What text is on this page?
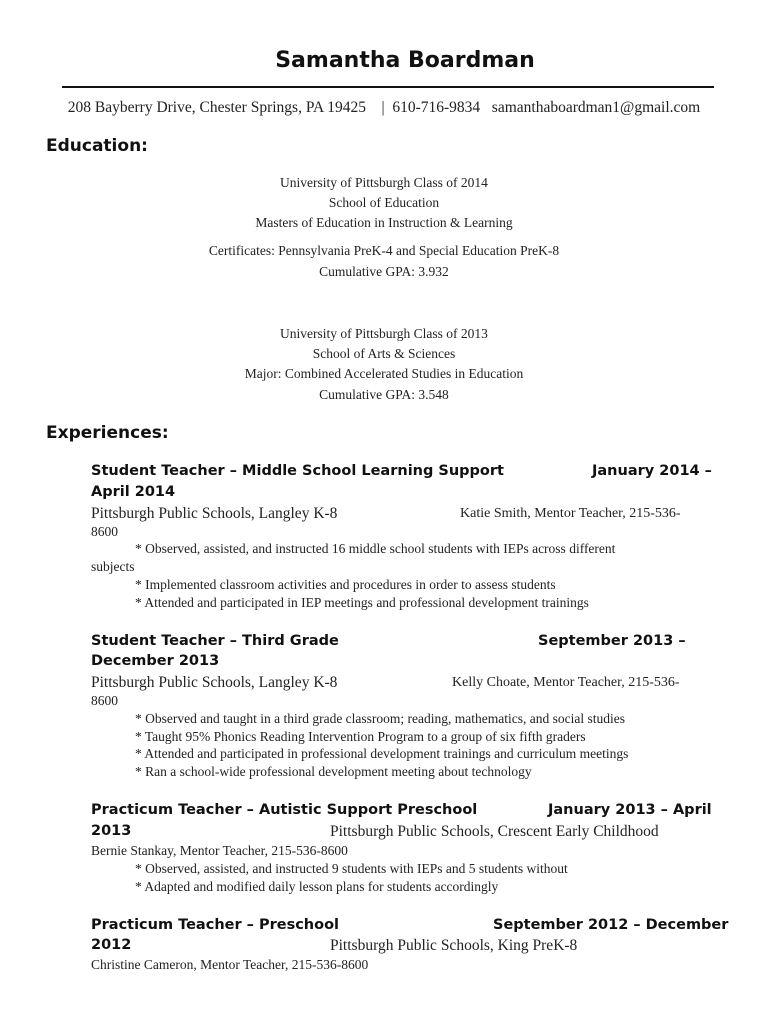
Samantha Boardman
208 Bayberry Drive, Chester Springs, PA 19425    |  610-716-9834   samanthaboardman1@gmail.com
Education:
University of Pittsburgh Class of 2014
School of Education
Masters of Education in Instruction & Learning
Certificates: Pennsylvania PreK-4 and Special Education PreK-8
Cumulative GPA: 3.932
University of Pittsburgh Class of 2013
School of Arts & Sciences
Major: Combined Accelerated Studies in Education
Cumulative GPA: 3.548
Experiences:
Student Teacher – Middle School Learning Support	January 2014 –
April 2014
Pittsburgh Public Schools, Langley K-8	Katie Smith, Mentor Teacher, 215-536-
8600
* Observed, assisted, and instructed 16 middle school students with IEPs across different
subjects
* Implemented classroom activities and procedures in order to assess students
* Attended and participated in IEP meetings and professional development trainings
Student Teacher – Third Grade	September 2013 –
December 2013
Pittsburgh Public Schools, Langley K-8	Kelly Choate, Mentor Teacher, 215-536-
8600
* Observed and taught in a third grade classroom; reading, mathematics, and social studies
* Taught 95% Phonics Reading Intervention Program to a group of six fifth graders
* Attended and participated in professional development trainings and curriculum meetings
* Ran a school-wide professional development meeting about technology
Practicum Teacher – Autistic Support Preschool	January 2013 – April
2013	Pittsburgh Public Schools, Crescent Early Childhood
Bernie Stankay, Mentor Teacher, 215-536-8600
* Observed, assisted, and instructed 9 students with IEPs and 5 students without
* Adapted and modified daily lesson plans for students accordingly
Practicum Teacher – Preschool	September 2012 – December
2012	Pittsburgh Public Schools, King PreK-8
Christine Cameron, Mentor Teacher, 215-536-8600
